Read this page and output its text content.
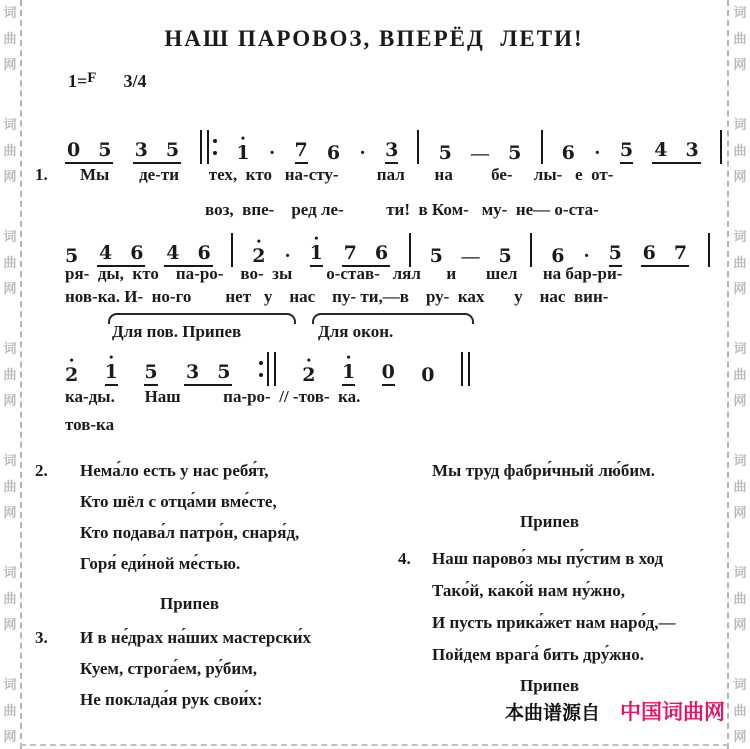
词
曲
网
词
曲
网
词
曲
网
词
曲
网
词
曲
网
词
曲
网
词
曲
网
词
曲
网
词
曲
网
词
曲
网
词
曲
网
词
曲
网
词
曲
网
词
曲
网
НАШ ПАРОВОЗ, ВПЕРЁД  ЛЕТИ!
1=$^F$ 3/4

0
5
3
5
•
1 ·
7
6 ·
3
5 —
5
6 ·
5
4
3
1. Мы       де-ти       тех,  кто   на-сту-         пал       на         бе-     лы-   е  от-
воз,  впе-    ред ле-          ти!  в Ком-   му-  не— о-ста-

5
4
6
4
6
•
2 ·
•
1
7
6
5 —
5
6 ·
5
6
7
ря-  ды,  кто    па-ро-    во-  зы        о-став-   лял      и       шел      на бар-ри-
нов-ка. И-  но-го        нет   у    нас    пу- ти,—в    ру-  ках       у    нас  вин-
Для пов. Припев	Для окон.
•
2
•
1
5
3
5
•
2
•
1
0
0
ка-ды.       Наш          па-ро-  // -тов-  ка.
тов-ка
2. Нема́ло есть у нас ребя́т,
Кто шёл с отца́ми вме́сте,
Кто подава́л патро́н, снаря́д,
Горя́ еди́ной ме́стью.
Припев
3. И в не́драх на́ших мастерски́х
Куем, строга́ем, ру́бим,
Не поклада́я рук свои́х:
Мы труд фабри́чный лю́бим.
Припев
4. Наш парово́з мы пу́стим в ход
Тако́й, како́й нам ну́жно,
И пусть прика́жет нам наро́д,—
Пойдем врага́ бить дру́жно.
Припев
本曲谱源自 中国词曲网
